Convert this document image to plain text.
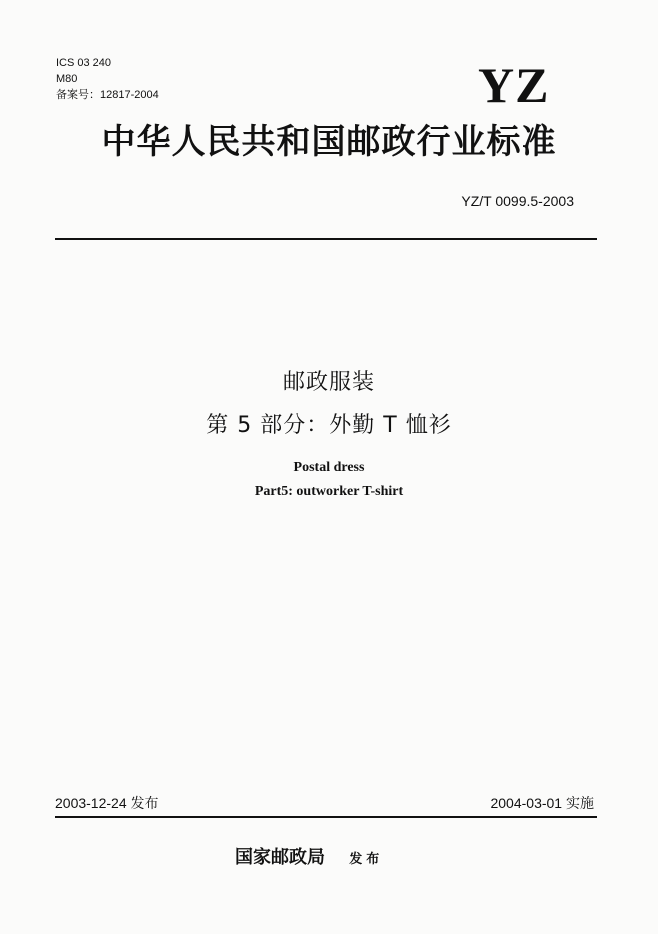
ICS 03 240
M80
备案号：12817-2004	YZ
中华人民共和国邮政行业标准
YZ/T 0099.5-2003
邮政服装
第 5 部分：外勤 T 恤衫
Postal dress
Part5: outworker T-shirt
2003-12-24 发布	2004-03-01 实施
国家邮政局 发布
